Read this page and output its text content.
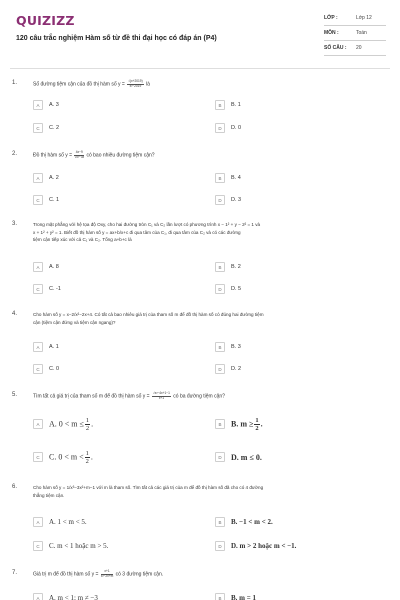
QUIZIZZ
120 câu trắc nghiệm Hàm số từ đề thi đại học có đáp án (P4)
LỚP :	Lớp 12
MÔN :	Toán
SỐ CÂU :	20
1.	Số đường tiệm cận của đồ thị hàm số $y = \frac{√(x+2019)}{\text{x²−2019}}$ là
A	A. 3	B	B. 1
C	C. 2	D	D. 0
2.	Đồ thị hàm số $y = \frac{4x-9}{\text{√x²−3x}}$ có bao nhiêu đường tiệm cận?
A	A. 2	B	B. 4
C	C. 1	D	D. 3
3.	Trong mặt phẳng với hệ tọa độ Oxy, cho hai đường tròn C₁ và C₂ lần lượt có phương trình x − 1² + y − 2² = 1 và
x + 1² + y² = 1. Biết đồ thị hàm số y = ax+b/x+c đi qua tâm của C₁, đi qua tâm của C₂ và có các đường
tiệm cận tiếp xúc với cả C₁ và C₂. Tổng a+b+c là
A	A. 8	B	B. 2
C	C. -1	D	D. 5
4.	Cho hàm số y = x−2/x²−2x+4. Có tất cả bao nhiêu giá trị của tham số m để đồ thị hàm số có đúng hai đường tiệm
cận (tiệm cận đứng và tiệm cận ngang)?
A	A. 1	B	B. 3
C	C. 0	D	D. 2
5.	Tìm tất cả giá trị của tham số m để đồ thị hàm số $y = \frac{\text{√x²−4x+1−1}}{x+1}$ có ba đường tiệm cận?
A	A. $0 < m \le \frac{1}{2}$ .	B	B. $m \ge \frac{1}{2}$ .
C	C. $0 < m < \frac{1}{2}$ .	D	D. m ≤ 0.
6.	Cho hàm số y = 1/x³−3x²+m−1 với m là tham số. Tìm tất cả các giá trị của m để đồ thị hàm số đã cho có 4 đường
thẳng tiệm cận.
A	A. 1 < m < 5.	B	B. −1 < m < 2.
C	C. m < 1 hoặc m > 5.	D	D. m > 2 hoặc m < −1.
7.	Giá trị m để đồ thị hàm số $y = \frac{x+1}{\text{x²−2x+m}}$ có 3 đường tiệm cận.
A	A. m < 1; m ≠ −3	B	B. m = 1
